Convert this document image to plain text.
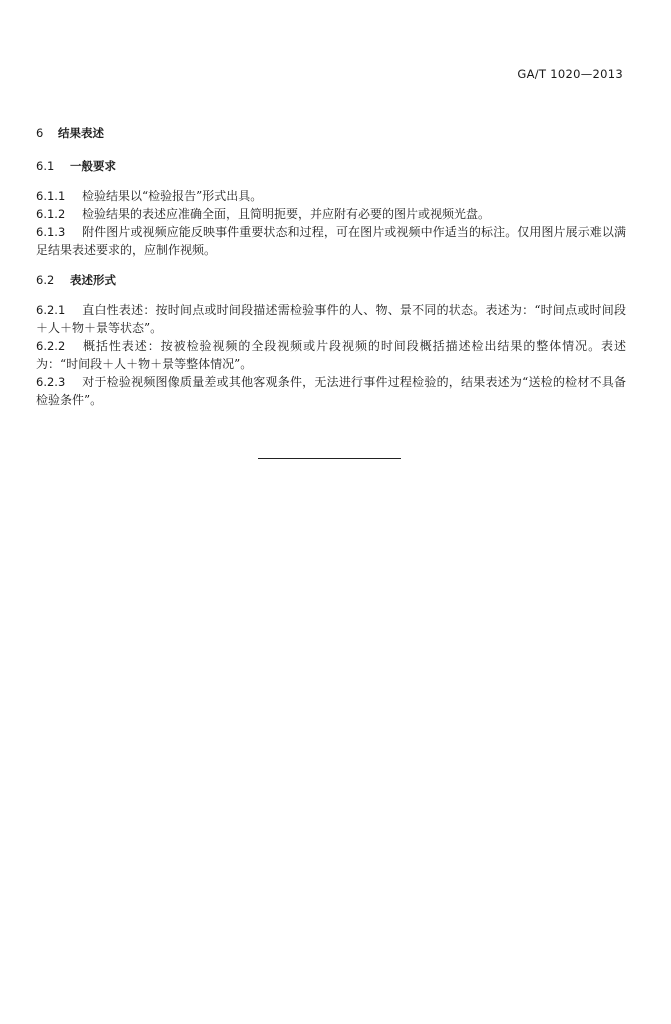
GA/T 1020—2013
6 结果表述
6.1 一般要求

6.1.1 检验结果以“检验报告”形式出具。

6.1.2 检验结果的表述应准确全面，且简明扼要，并应附有必要的图片或视频光盘。

6.1.3 附件图片或视频应能反映事件重要状态和过程，可在图片或视频中作适当的标注。仅用图片展示难以满足结果表述要求的，应制作视频。

6.2 表述形式

6.2.1 直白性表述：按时间点或时间段描述需检验事件的人、物、景不同的状态。表述为：“时间点或时间段＋人＋物＋景等状态”。

6.2.2 概括性表述：按被检验视频的全段视频或片段视频的时间段概括描述检出结果的整体情况。表述为：“时间段＋人＋物＋景等整体情况”。

6.2.3 对于检验视频图像质量差或其他客观条件，无法进行事件过程检验的，结果表述为“送检的检材不具备检验条件”。
